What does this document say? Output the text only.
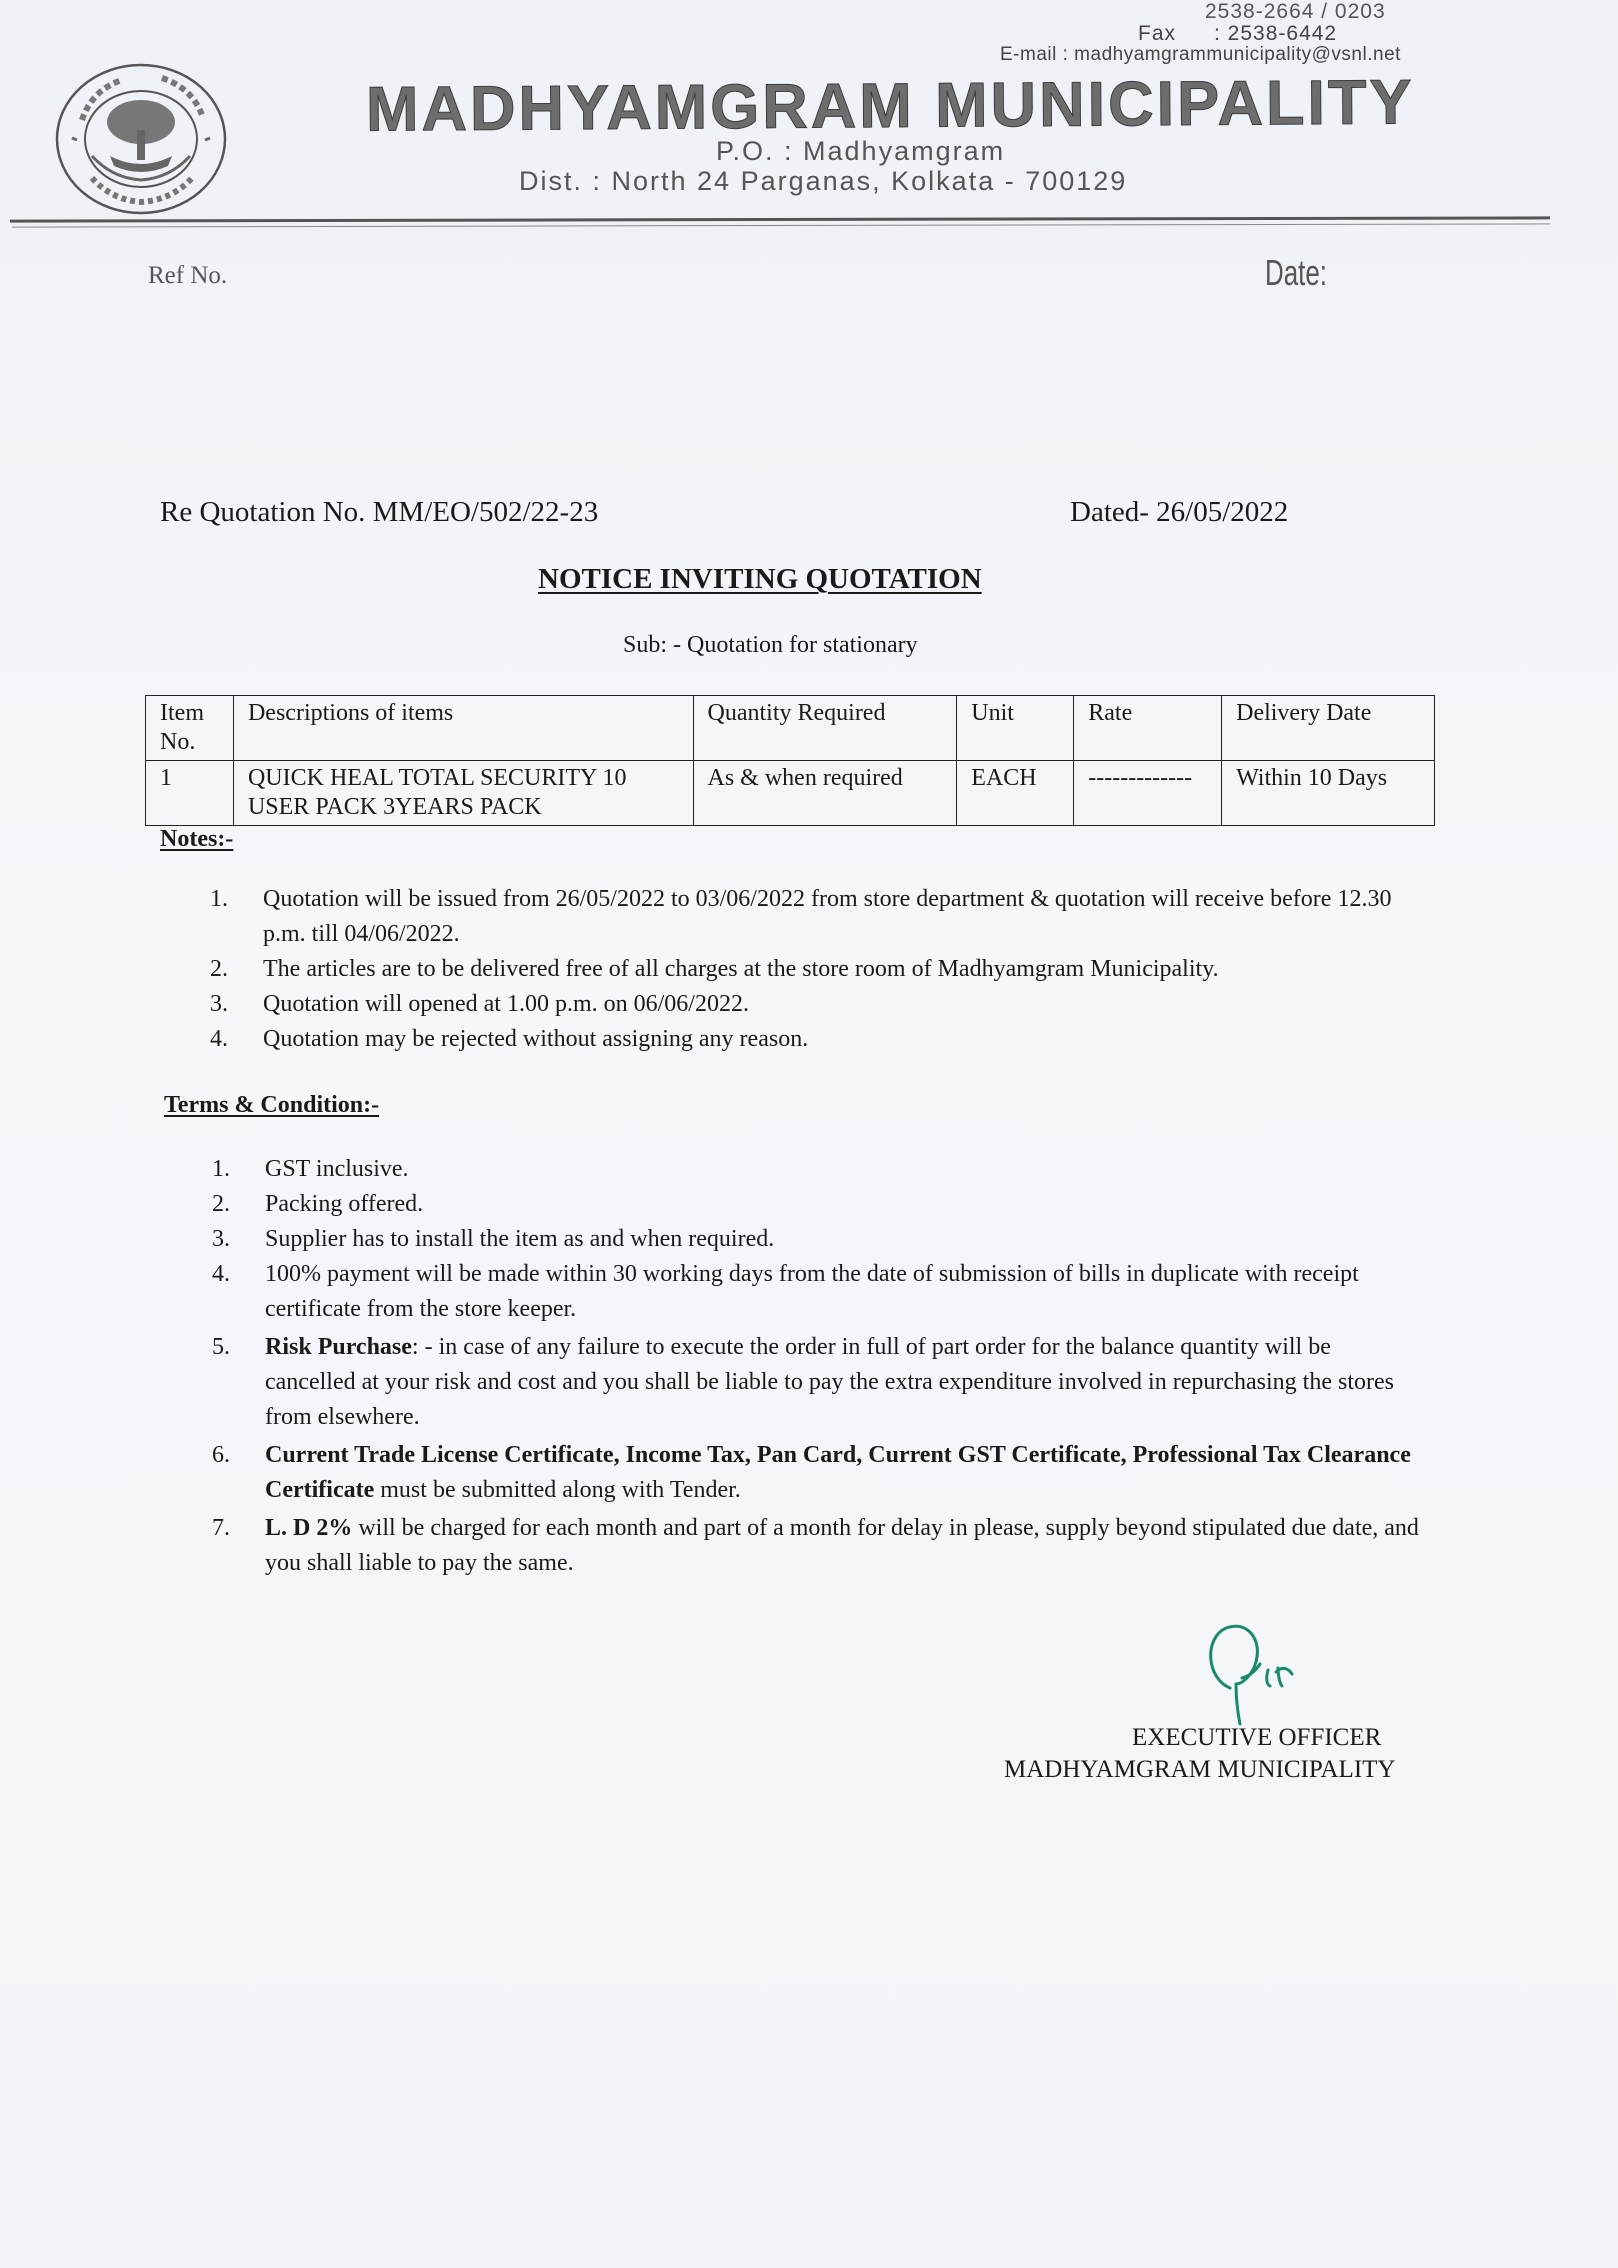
2538-2664 / 0203
Fax : 2538-6442
E-mail : madhyamgrammunicipality@vsnl.net
MADHYAMGRAM MUNICIPALITY
P.O. : Madhyamgram
Dist. : North 24 Parganas, Kolkata - 700129
Ref No.	Date:
Re Quotation No. MM/EO/502/22-23	Dated- 26/05/2022
NOTICE INVITING QUOTATION
Sub: - Quotation for stationary
Item No.	Descriptions of items	Quantity Required	Unit	Rate	Delivery Date
1	QUICK HEAL TOTAL SECURITY 10 USER PACK 3YEARS PACK	As & when required	EACH	-------------	Within 10 Days
Notes:-
1. Quotation will be issued from 26/05/2022 to 03/06/2022 from store department & quotation will receive before 12.30 p.m. till 04/06/2022.
2. The articles are to be delivered free of all charges at the store room of Madhyamgram Municipality.
3. Quotation will opened at 1.00 p.m. on 06/06/2022.
4. Quotation may be rejected without assigning any reason.
Terms & Condition:-
1. GST inclusive.
2. Packing offered.
3. Supplier has to install the item as and when required.
4. 100% payment will be made within 30 working days from the date of submission of bills in duplicate with receipt certificate from the store keeper.
5. Risk Purchase: - in case of any failure to execute the order in full of part order for the balance quantity will be cancelled at your risk and cost and you shall be liable to pay the extra expenditure involved in repurchasing the stores from elsewhere.
6. Current Trade License Certificate, Income Tax, Pan Card, Current GST Certificate, Professional Tax Clearance Certificate must be submitted along with Tender.
7. L. D 2% will be charged for each month and part of a month for delay in please, supply beyond stipulated due date, and you shall liable to pay the same.
EXECUTIVE OFFICER
MADHYAMGRAM MUNICIPALITY
